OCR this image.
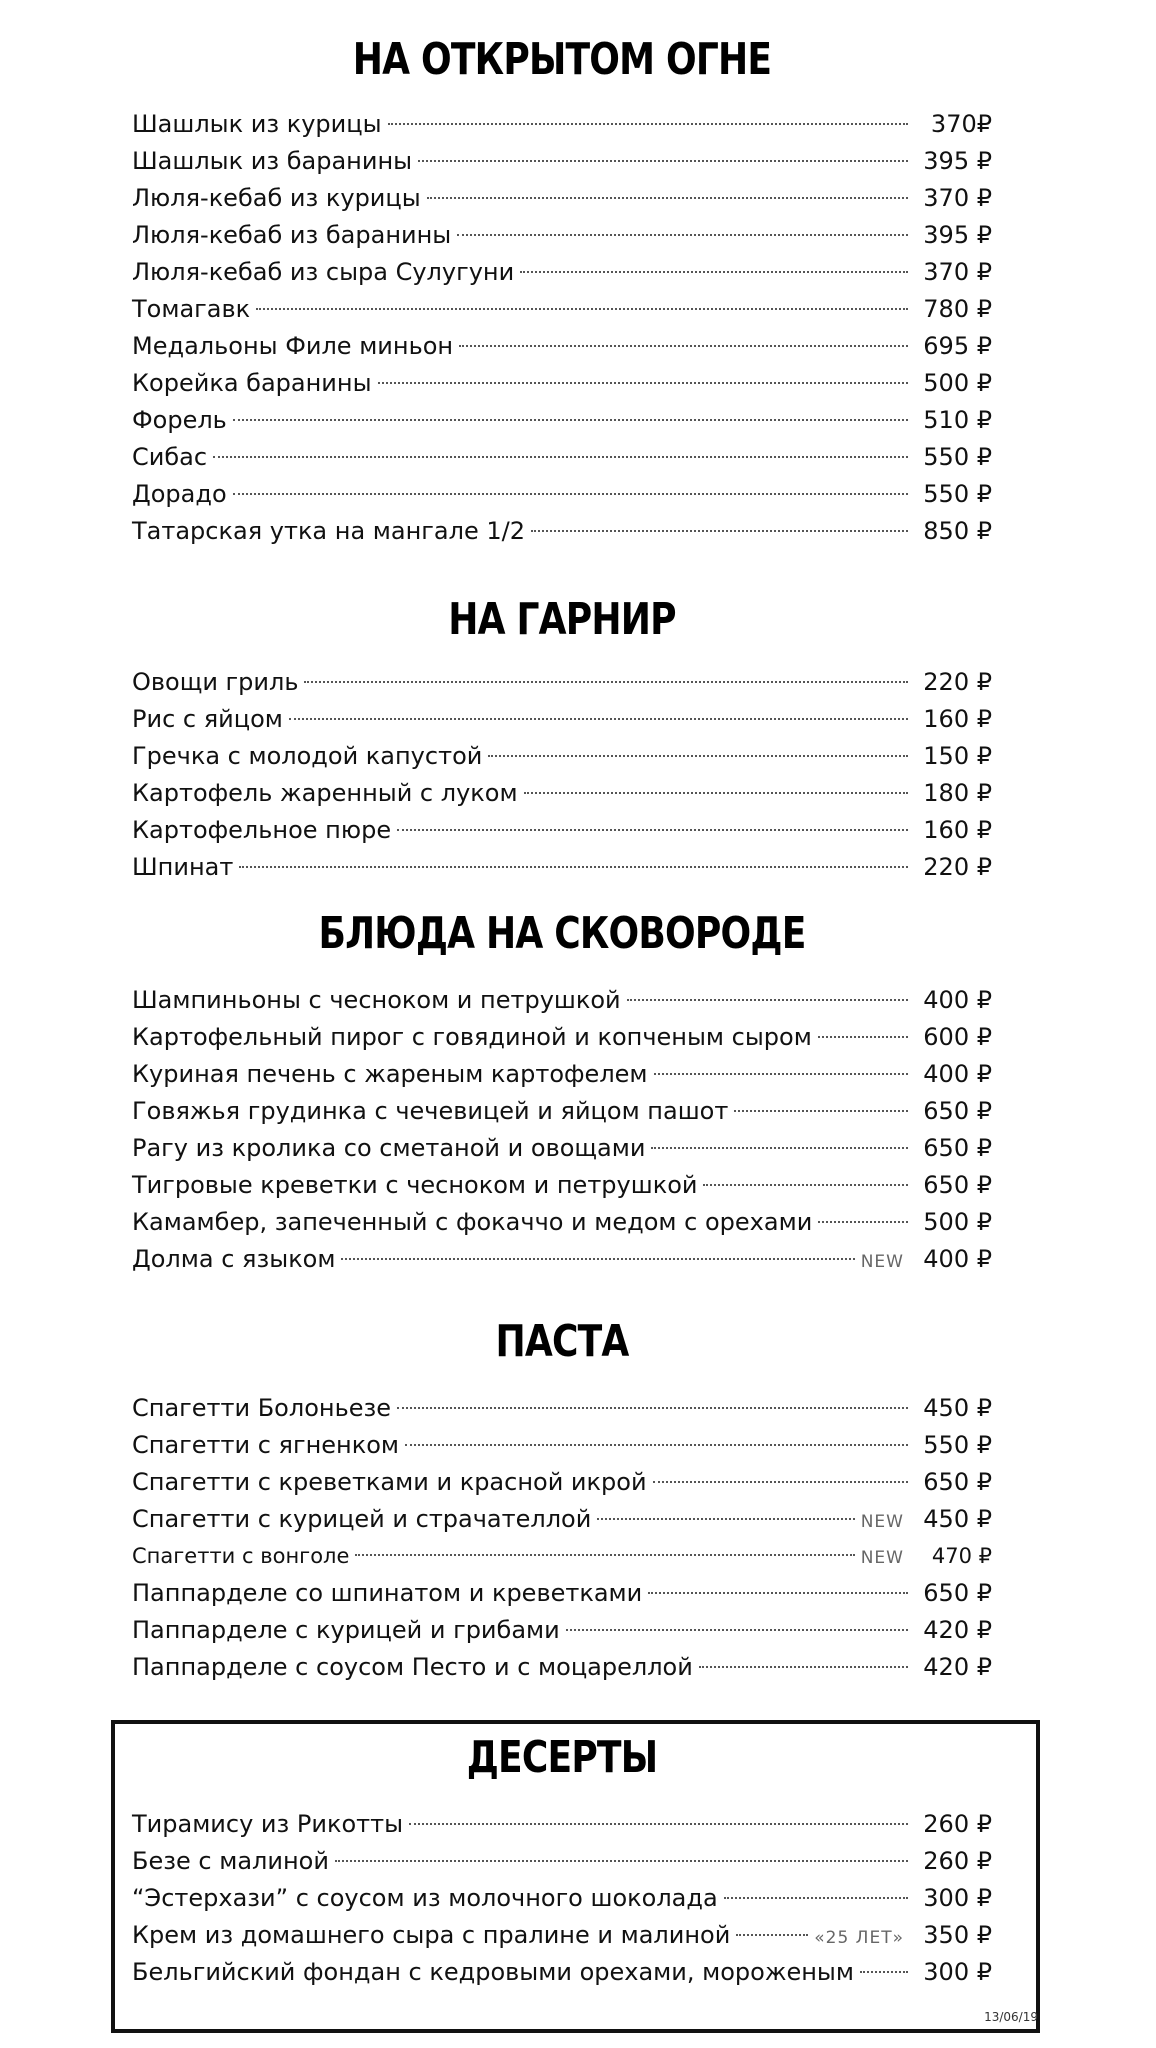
НА ОТКРЫТОМ ОГНЕ
Шашлык из курицы	370₽
Шашлык из баранины	395 ₽
Люля-кебаб из курицы	370 ₽
Люля-кебаб из баранины	395 ₽
Люля-кебаб из сыра Сулугуни	370 ₽
Томагавк	780 ₽
Медальоны Филе миньон	695 ₽
Корейка баранины	500 ₽
Форель	510 ₽
Сибас	550 ₽
Дорадо	550 ₽
Татарская утка на мангале 1/2	850 ₽
НА ГАРНИР
Овощи гриль	220 ₽
Рис с яйцом	160 ₽
Гречка с молодой капустой	150 ₽
Картофель жаренный с луком	180 ₽
Картофельное пюре	160 ₽
Шпинат	220 ₽
БЛЮДА НА СКОВОРОДЕ
Шампиньоны с чесноком и петрушкой	400 ₽
Картофельный пирог с говядиной и копченым сыром	600 ₽
Куриная печень с жареным картофелем	400 ₽
Говяжья грудинка с чечевицей и яйцом пашот	650 ₽
Рагу из кролика со сметаной и овощами	650 ₽
Тигровые креветки с чесноком и петрушкой	650 ₽
Камамбер, запеченный с фокаччо и медом с орехами	500 ₽
Долма с языком	NEW 400 ₽
ПАСТА
Спагетти Болоньезе	450 ₽
Спагетти с ягненком	550 ₽
Спагетти с креветками и красной икрой	650 ₽
Спагетти с курицей и страчателлой	NEW 450 ₽
Спагетти с вонголе	NEW	470 ₽
Паппарделе со шпинатом и креветками	650 ₽
Паппарделе с курицей и грибами	420 ₽
Паппарделе с соусом Песто и с моцареллой	420 ₽
ДЕСЕРТЫ
Тирамису из Рикотты	260 ₽
Безе с малиной	260 ₽
“Эстерхази” с соусом из молочного шоколада	300 ₽
Крем из домашнего сыра с пралине и малиной	«25 ЛЕТ» 350 ₽
Бельгийский фондан с кедровыми орехами, мороженым	300 ₽
13/06/19
